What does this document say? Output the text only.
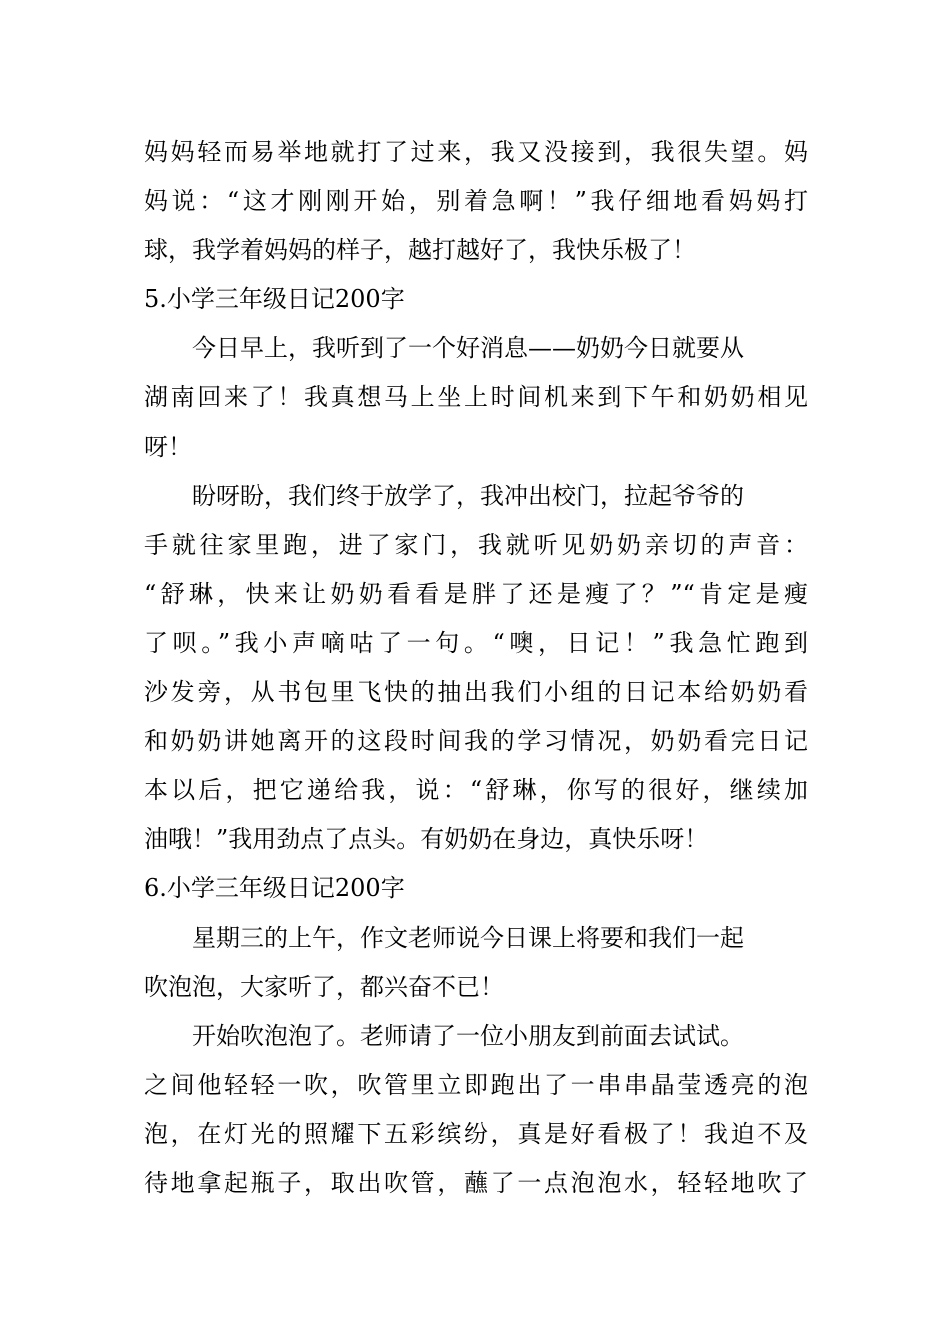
妈妈轻而易举地就打了过来，我又没接到，我很失望。妈
妈说：“这才刚刚开始，别着急啊！”我仔细地看妈妈打
球，我学着妈妈的样子，越打越好了，我快乐极了！
5.小学三年级日记200字
今日早上，我听到了一个好消息——奶奶今日就要从
湖南回来了！我真想马上坐上时间机来到下午和奶奶相见
呀！
盼呀盼，我们终于放学了，我冲出校门，拉起爷爷的
手就往家里跑，进了家门，我就听见奶奶亲切的声音：
“舒琳，快来让奶奶看看是胖了还是瘦了？”“肯定是瘦
了呗。”我小声嘀咕了一句。“噢，日记！”我急忙跑到
沙发旁，从书包里飞快的抽出我们小组的日记本给奶奶看
和奶奶讲她离开的这段时间我的学习情况，奶奶看完日记
本以后，把它递给我，说：“舒琳，你写的很好，继续加
油哦！”我用劲点了点头。有奶奶在身边，真快乐呀！
6.小学三年级日记200字
星期三的上午，作文老师说今日课上将要和我们一起
吹泡泡，大家听了，都兴奋不已！
开始吹泡泡了。老师请了一位小朋友到前面去试试。
之间他轻轻一吹，吹管里立即跑出了一串串晶莹透亮的泡
泡，在灯光的照耀下五彩缤纷，真是好看极了！我迫不及
待地拿起瓶子，取出吹管，蘸了一点泡泡水，轻轻地吹了
